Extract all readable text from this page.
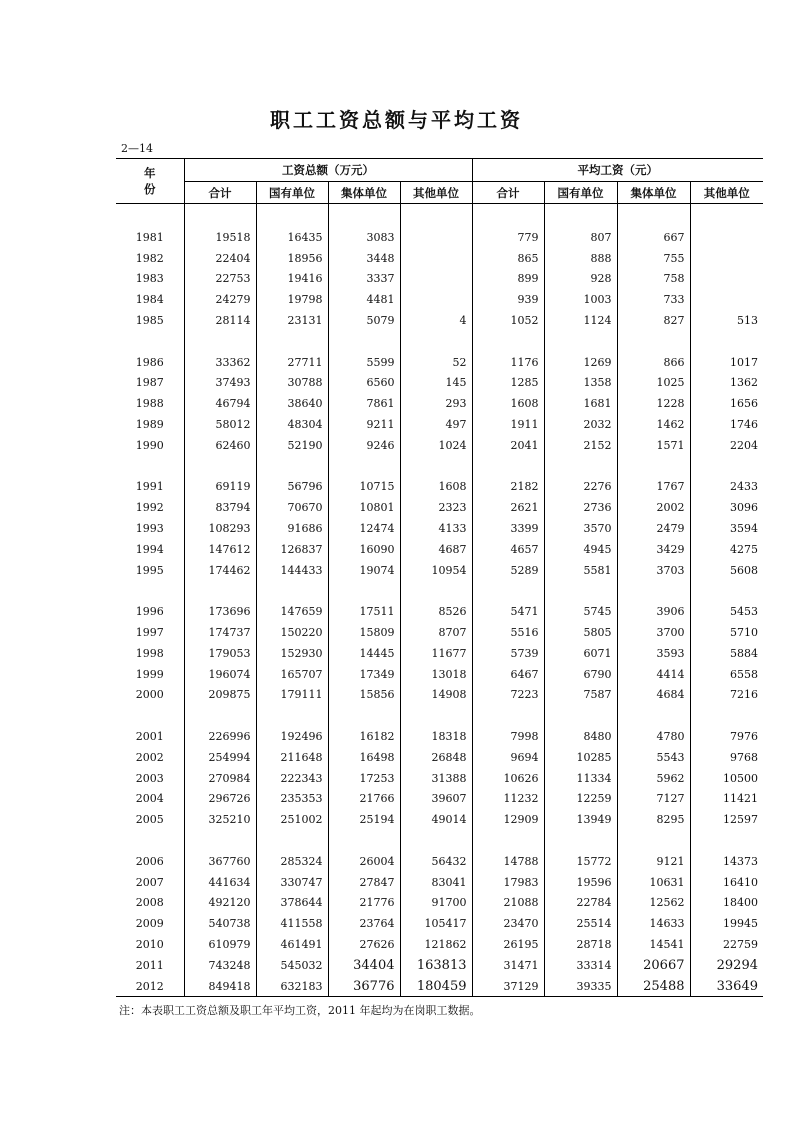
职工工资总额与平均工资
2—14
年 份	工资总额（万元）				平均工资（元）			
	合计	国有单位	集体单位	其他单位	合计	国有单位	集体单位	其他单位

1981	19518	16435	3083		779	807	667	
1982	22404	18956	3448		865	888	755	
1983	22753	19416	3337		899	928	758	
1984	24279	19798	4481		939	1003	733	
1985	28114	23131	5079	4	1052	1124	827	513

1986	33362	27711	5599	52	1176	1269	866	1017
1987	37493	30788	6560	145	1285	1358	1025	1362
1988	46794	38640	7861	293	1608	1681	1228	1656
1989	58012	48304	9211	497	1911	2032	1462	1746
1990	62460	52190	9246	1024	2041	2152	1571	2204

1991	69119	56796	10715	1608	2182	2276	1767	2433
1992	83794	70670	10801	2323	2621	2736	2002	3096
1993	108293	91686	12474	4133	3399	3570	2479	3594
1994	147612	126837	16090	4687	4657	4945	3429	4275
1995	174462	144433	19074	10954	5289	5581	3703	5608

1996	173696	147659	17511	8526	5471	5745	3906	5453
1997	174737	150220	15809	8707	5516	5805	3700	5710
1998	179053	152930	14445	11677	5739	6071	3593	5884
1999	196074	165707	17349	13018	6467	6790	4414	6558
2000	209875	179111	15856	14908	7223	7587	4684	7216

2001	226996	192496	16182	18318	7998	8480	4780	7976
2002	254994	211648	16498	26848	9694	10285	5543	9768
2003	270984	222343	17253	31388	10626	11334	5962	10500
2004	296726	235353	21766	39607	11232	12259	7127	11421
2005	325210	251002	25194	49014	12909	13949	8295	12597

2006	367760	285324	26004	56432	14788	15772	9121	14373
2007	441634	330747	27847	83041	17983	19596	10631	16410
2008	492120	378644	21776	91700	21088	22784	12562	18400
2009	540738	411558	23764	105417	23470	25514	14633	19945
2010	610979	461491	27626	121862	26195	28718	14541	22759
2011	743248	545032	34404	163813	31471	33314	20667	29294
2012	849418	632183	36776	180459	37129	39335	25488	33649
注：本表职工工资总额及职工年平均工资，2011 年起均为在岗职工数据。
